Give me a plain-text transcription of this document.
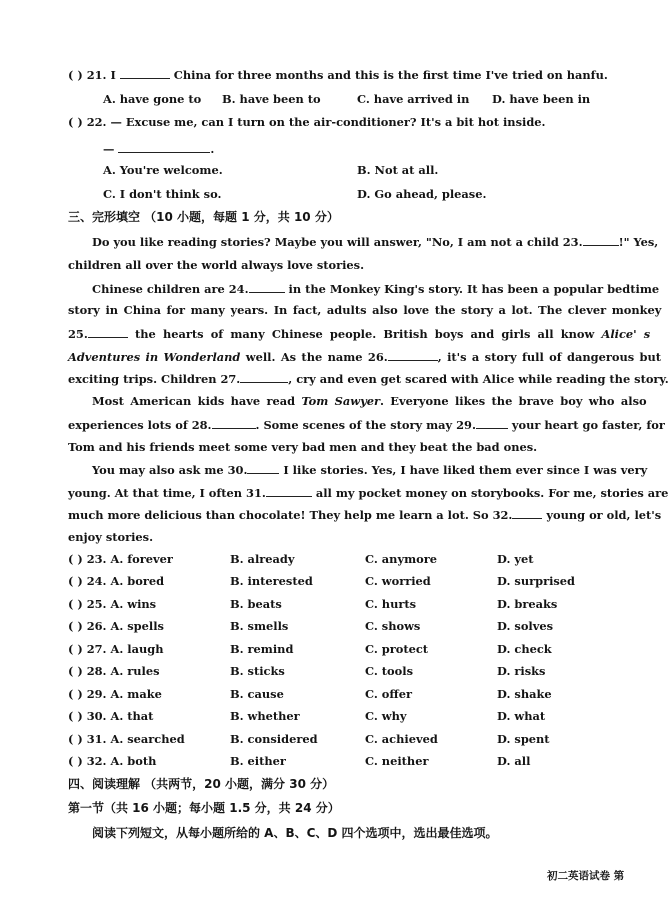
( ) 21. I	China for three months and this is the first time I've tried on hanfu.
A. have gone to B. have been to	C. have arrived in D. have been in
( ) 22. — Excuse me, can I turn on the air-conditioner? It's a bit hot inside.
—	.
A. You're welcome.	B. Not at all.
C. I don't think so.	D. Go ahead, please.
三、完形填空 （10 小题，每题 1 分，共 10 分）
Do you like reading stories? Maybe you will answer, "No, I am not a child 23.	!" Yes,
children all over the world always love stories.
Chinese children are 24.	in the Monkey King's story. It has been a popular bedtime
story in China for many years. In fact, adults also love the story a lot. The clever monkey
25.	the hearts of many Chinese people. British boys and girls all know Alice' s
Adventures in Wonderland well. As the name 26.	, it's a story full of dangerous but
exciting trips. Children 27.	, cry and even get scared with Alice while reading the story.
Most American kids have read Tom Sawyer. Everyone likes the brave boy who also
experiences lots of 28.	. Some scenes of the story may 29.	your heart go faster, for
Tom and his friends meet some very bad men and they beat the bad ones.
You may also ask me 30.	I like stories. Yes, I have liked them ever since I was very
young. At that time, I often 31.	all my pocket money on storybooks. For me, stories are
much more delicious than chocolate! They help me learn a lot. So 32.	young or old, let's
enjoy stories.
( ) 23. A. forever	B. already	C. anymore	D. yet
( ) 24. A. bored	B. interested	C. worried	D. surprised
( ) 25. A. wins	B. beats	C. hurts	D. breaks
( ) 26. A. spells	B. smells	C. shows	D. solves
( ) 27. A. laugh	B. remind	C. protect	D. check
( ) 28. A. rules	B. sticks	C. tools	D. risks
( ) 29. A. make	B. cause	C. offer	D. shake
( ) 30. A. that	B. whether	C. why	D. what
( ) 31. A. searched	B. considered	C. achieved	D. spent
( ) 32. A. both	B. either	C. neither	D. all
四、阅读理解 （共两节，20 小题，满分 30 分）
第一节（共 16 小题；每小题 1.5 分，共 24 分）
阅读下列短文，从每小题所给的 A、B、C、D 四个选项中，选出最佳选项。
初二英语试卷 第
